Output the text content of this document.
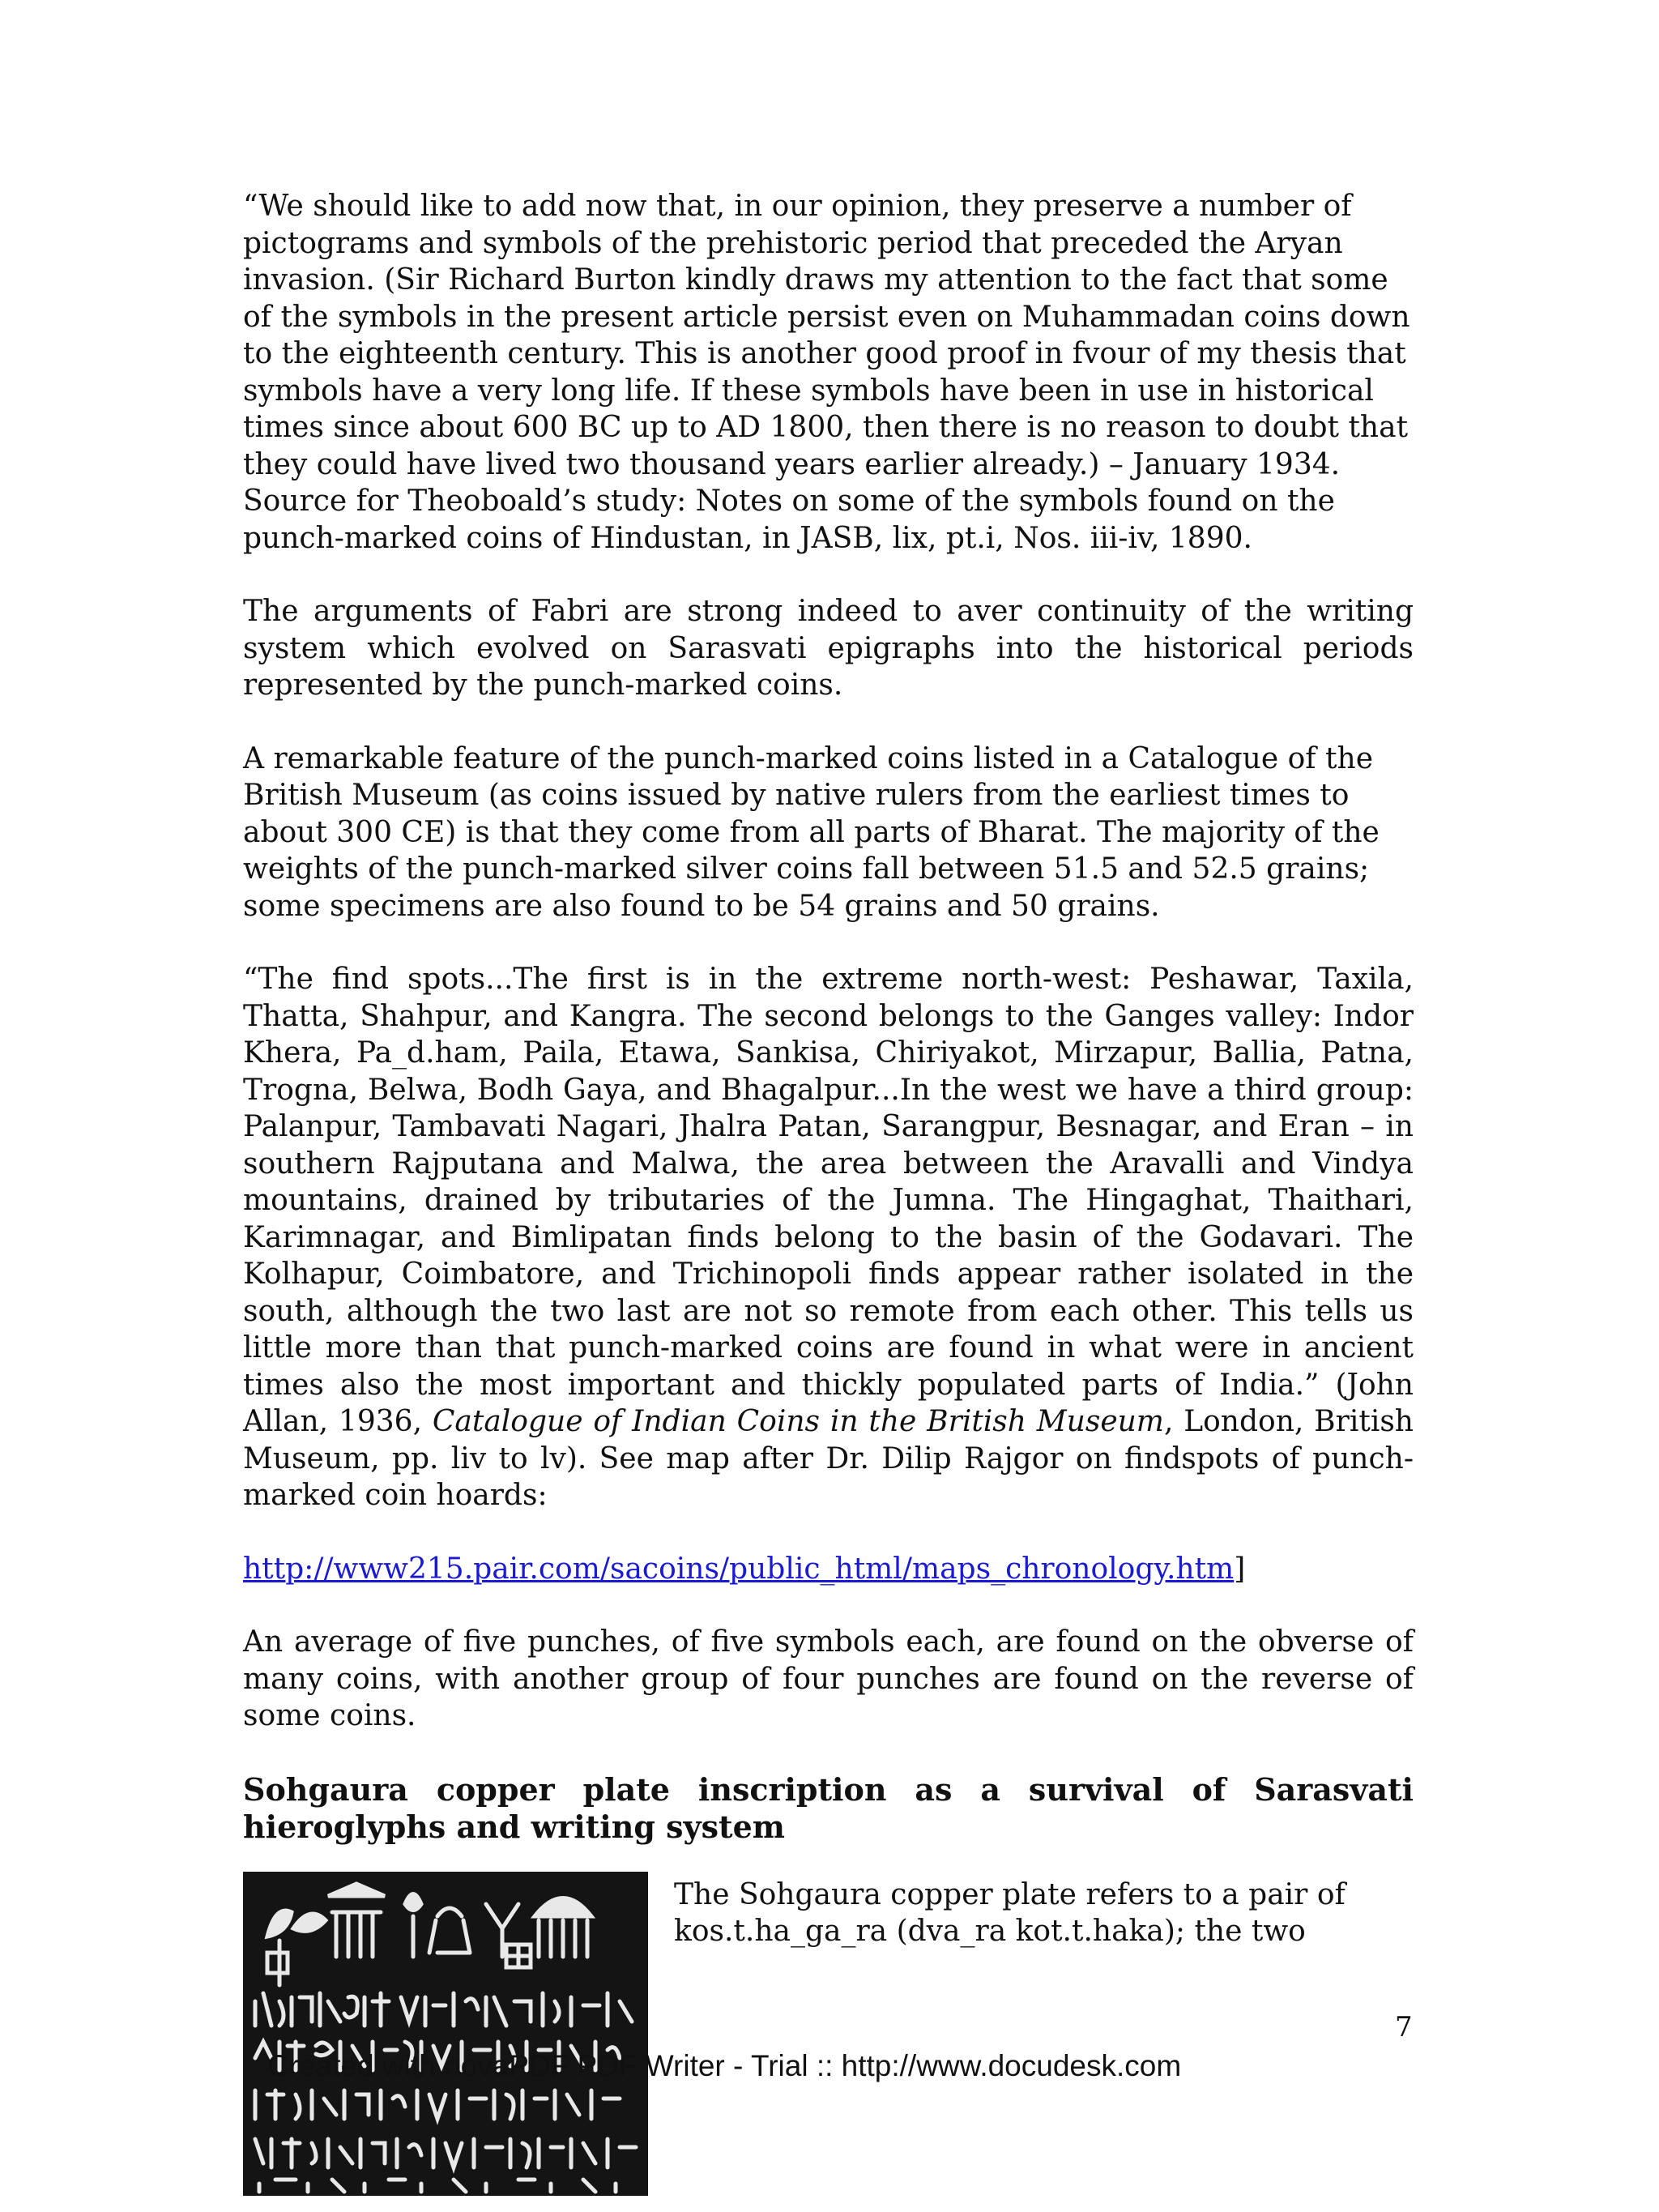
“We should like to add now that, in our opinion, they preserve a number of pictograms and symbols of the prehistoric period that preceded the Aryan invasion. (Sir Richard Burton kindly draws my attention to the fact that some of the symbols in the present article persist even on Muhammadan coins down to the eighteenth century. This is another good proof in fvour of my thesis that symbols have a very long life. If these symbols have been in use in historical times since about 600 BC up to AD 1800, then there is no reason to doubt that they could have lived two thousand years earlier already.) – January 1934. Source for Theoboald’s study: Notes on some of the symbols found on the punch-marked coins of Hindustan, in JASB, lix, pt.i, Nos. iii-iv, 1890.

The arguments of Fabri are strong indeed to aver continuity of the writing system which evolved on Sarasvati epigraphs into the historical periods represented by the punch-marked coins.

A remarkable feature of the punch-marked coins listed in a Catalogue of the British Museum (as coins issued by native rulers from the earliest times to about 300 CE) is that they come from all parts of Bharat. The majority of the weights of the punch-marked silver coins fall between 51.5 and 52.5 grains; some specimens are also found to be 54 grains and 50 grains.

“The find spots...The first is in the extreme north-west: Peshawar, Taxila, Thatta, Shahpur, and Kangra. The second belongs to the Ganges valley: Indor Khera, Pa_d.ham, Paila, Etawa, Sankisa, Chiriyakot, Mirzapur, Ballia, Patna, Trogna, Belwa, Bodh Gaya, and Bhagalpur...In the west we have a third group: Palanpur, Tambavati Nagari, Jhalra Patan, Sarangpur, Besnagar, and Eran – in southern Rajputana and Malwa, the area between the Aravalli and Vindya mountains, drained by tributaries of the Jumna. The Hingaghat, Thaithari, Karimnagar, and Bimlipatan finds belong to the basin of the Godavari. The Kolhapur, Coimbatore, and Trichinopoli finds appear rather isolated in the south, although the two last are not so remote from each other. This tells us little more than that punch-marked coins are found in what were in ancient times also the most important and thickly populated parts of India.” (John Allan, 1936, Catalogue of Indian Coins in the British Museum, London, British Museum, pp. liv to lv). See map after Dr. Dilip Rajgor on findspots of punch-marked coin hoards:

http://www215.pair.com/sacoins/public_html/maps_chronology.htm]

An average of five punches, of five symbols each, are found on the obverse of many coins, with another group of four punches are found on the reverse of some coins.

Sohgaura copper plate inscription as a survival of Sarasvati hieroglyphs and writing system
The Sohgaura copper plate refers to a pair of kos.t.ha_ga_ra (dva_ra kot.t.haka); the two
7
Created with novaPDF PDF Writer - Trial :: http://www.docudesk.com
